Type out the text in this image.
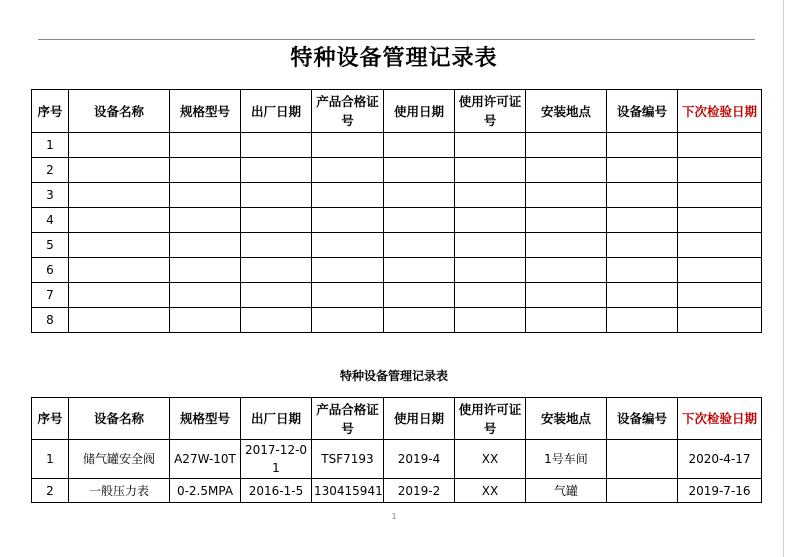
特种设备管理记录表
序号	设备名称	规格型号	出厂日期	产品合格证号	使用日期	使用许可证号	安装地点	设备编号	下次检验日期
1									
2									
3									
4									
5									
6									
7									
8									
特种设备管理记录表
序号	设备名称	规格型号	出厂日期	产品合格证号	使用日期	使用许可证号	安装地点	设备编号	下次检验日期
1	储气罐安全阀	A27W-10T	2017-12-01	TSF7193	2019-4	XX	1号车间		2020-4-17
2	一般压力表	0-2.5MPA	2016-1-5	130415941	2019-2	XX	气罐		2019-7-16
1
